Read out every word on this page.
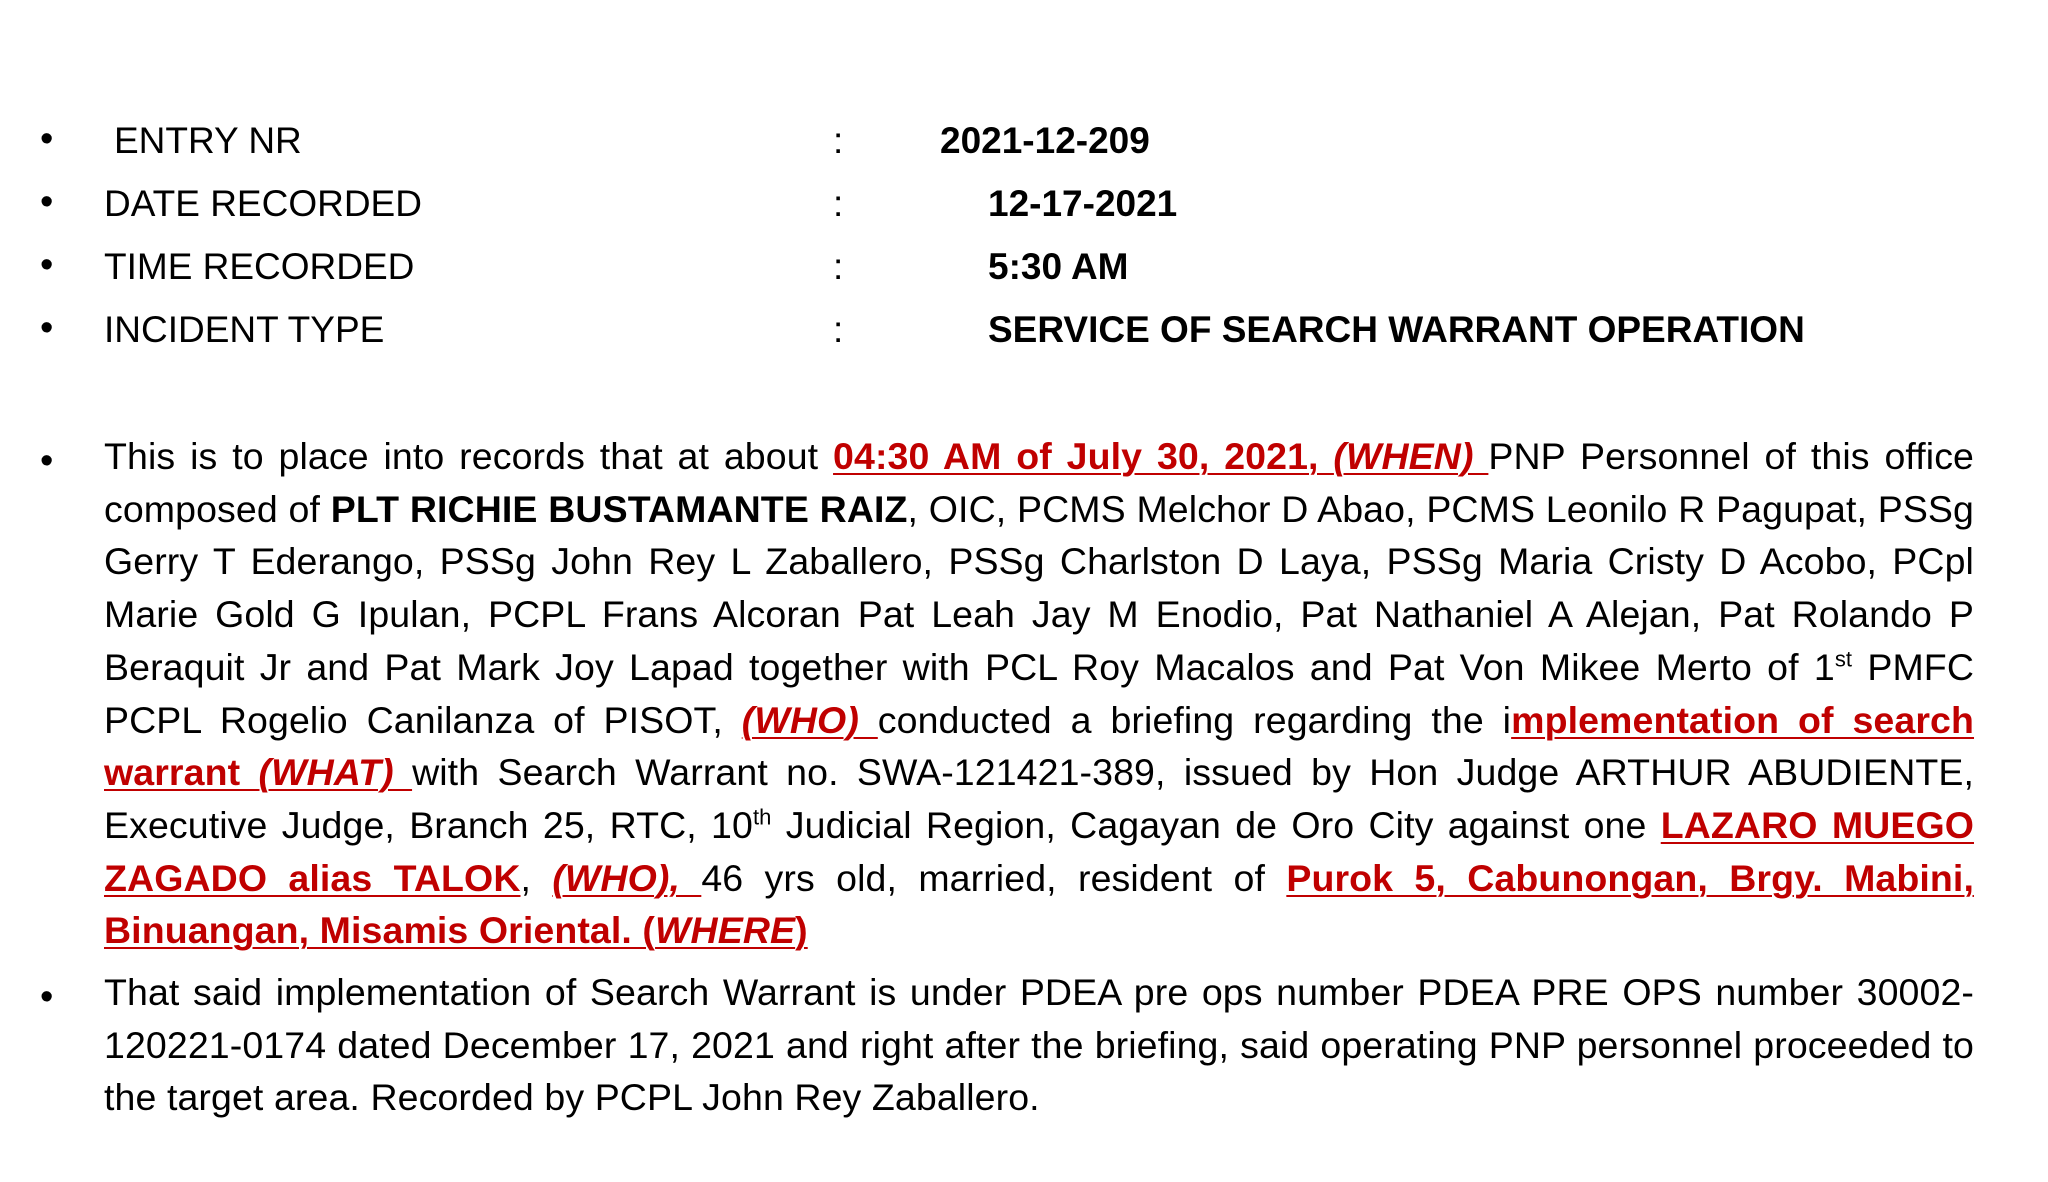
• ENTRY NR	:	2021-12-209
• DATE RECORDED	:	12-17-2021
• TIME RECORDED	:	5:30 AM
• INCIDENT TYPE	:	SERVICE OF SEARCH WARRANT OPERATION
• This is to place into records that at about 04:30 AM of July 30, 2021, (WHEN) PNP Personnel of this office composed of PLT RICHIE BUSTAMANTE RAIZ, OIC, PCMS Melchor D Abao, PCMS Leonilo R Pagupat, PSSg Gerry T Ederango, PSSg John Rey L Zaballero, PSSg Charlston D Laya, PSSg Maria Cristy D Acobo, PCpl Marie Gold G Ipulan, PCPL Frans Alcoran Pat Leah Jay M Enodio, Pat Nathaniel A Alejan, Pat Rolando P Beraquit Jr and Pat Mark Joy Lapad together with PCL Roy Macalos and Pat Von Mikee Merto of 1st PMFC PCPL Rogelio Canilanza of PISOT, (WHO) conducted a briefing regarding the implementation of search warrant (WHAT) with Search Warrant no. SWA-121421-389, issued by Hon Judge ARTHUR ABUDIENTE, Executive Judge, Branch 25, RTC, 10th Judicial Region, Cagayan de Oro City against one LAZARO MUEGO ZAGADO alias TALOK, (WHO), 46 yrs old, married, resident of Purok 5, Cabunongan, Brgy. Mabini, Binuangan, Misamis Oriental. (WHERE)
• That said implementation of Search Warrant is under PDEA pre ops number PDEA PRE OPS number 30002-120221-0174 dated December 17, 2021 and right after the briefing, said operating PNP personnel proceeded to the target area. Recorded by PCPL John Rey Zaballero.
